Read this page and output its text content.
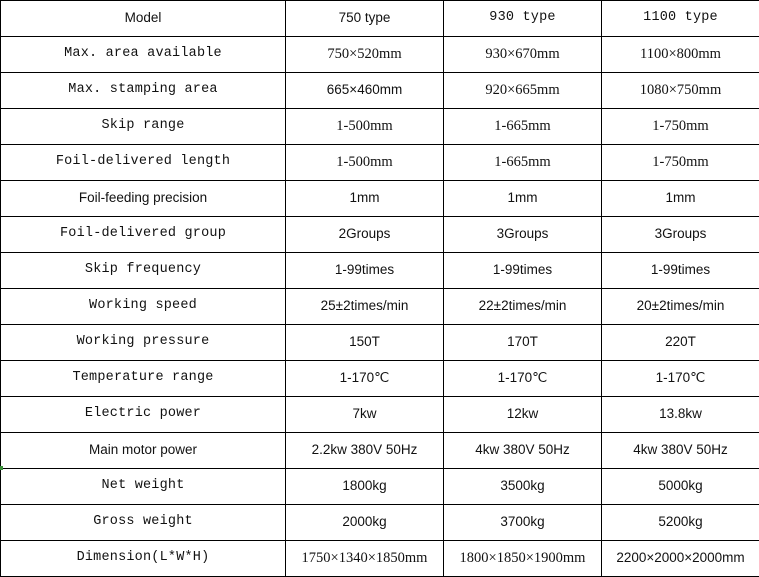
Model	750 type	930 type	1100 type
Max. area available	750×520mm	930×670mm	1100×800mm
Max. stamping area	665×460mm	920×665mm	1080×750mm
Skip range	1-500mm	1-665mm	1-750mm
Foil-delivered length	1-500mm	1-665mm	1-750mm
Foil-feeding precision	1mm	1mm	1mm
Foil-delivered group	2Groups	3Groups	3Groups
Skip frequency	1-99times	1-99times	1-99times
Working speed	25±2times/min	22±2times/min	20±2times/min
Working pressure	150T	170T	220T
Temperature range	1-170℃	1-170℃	1-170℃
Electric power	7kw	12kw	13.8kw
Main motor power	2.2kw 380V 50Hz	4kw 380V 50Hz	4kw 380V 50Hz
Net weight	1800kg	3500kg	5000kg
Gross weight	2000kg	3700kg	5200kg
Dimension(L*W*H)	1750×1340×1850mm	1800×1850×1900mm	2200×2000×2000mm
